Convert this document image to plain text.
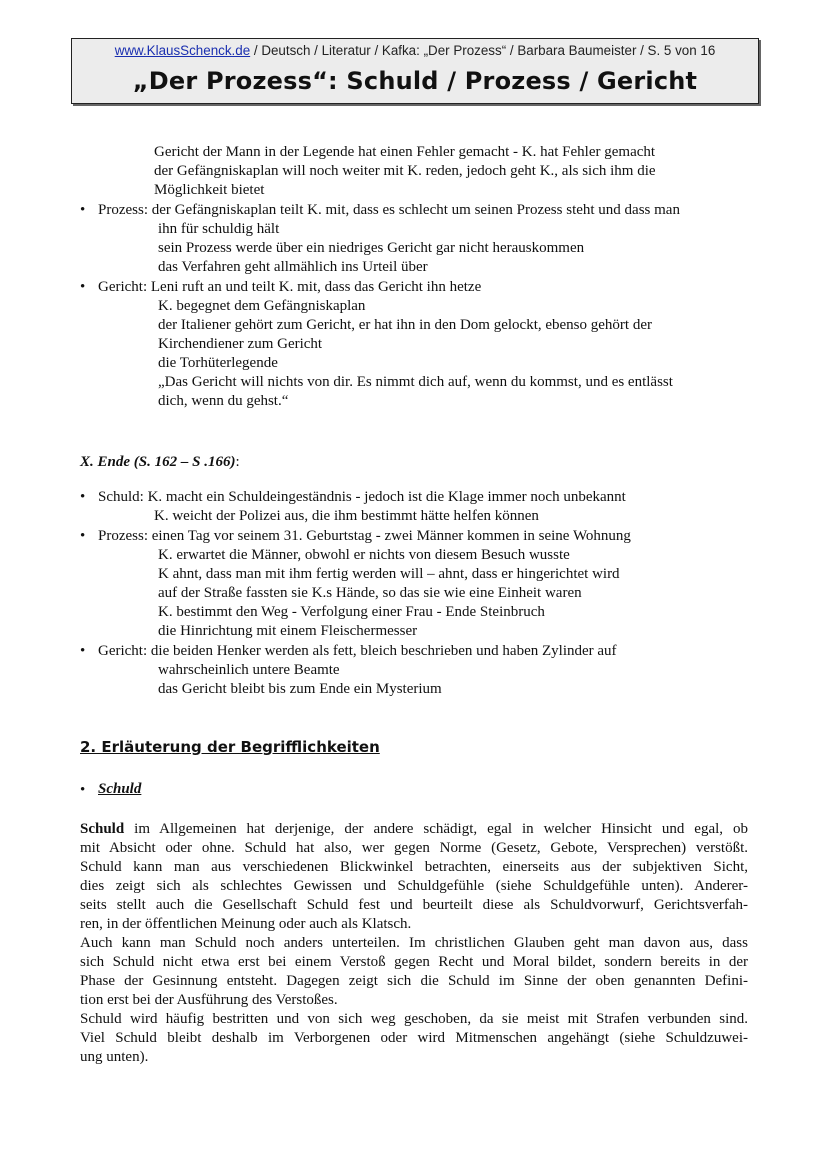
www.KlausSchenck.de / Deutsch / Literatur / Kafka: „Der Prozess“ / Barbara Baumeister / S. 5 von 16
„Der Prozess“: Schuld / Prozess / Gericht
Gericht der Mann in der Legende hat einen Fehler gemacht - K. hat Fehler gemacht
der Gefängniskaplan will noch weiter mit K. reden, jedoch geht K., als sich ihm die
Möglichkeit bietet
• Prozess: der Gefängniskaplan teilt K. mit, dass es schlecht um seinen Prozess steht und dass man
ihn für schuldig hält
sein Prozess werde über ein niedriges Gericht gar nicht herauskommen
das Verfahren geht allmählich ins Urteil über
• Gericht: Leni ruft an und teilt K. mit, dass das Gericht ihn hetze
K. begegnet dem Gefängniskaplan
der Italiener gehört zum Gericht, er hat ihn in den Dom gelockt, ebenso gehört der
Kirchendiener zum Gericht
die Torhüterlegende
„Das Gericht will nichts von dir. Es nimmt dich auf, wenn du kommst, und es entlässt
dich, wenn du gehst.“
X. Ende (S. 162 – S .166):
• Schuld: K. macht ein Schuldeingeständnis - jedoch ist die Klage immer noch unbekannt
K. weicht der Polizei aus, die ihm bestimmt hätte helfen können
• Prozess: einen Tag vor seinem 31. Geburtstag - zwei Männer kommen in seine Wohnung
K. erwartet die Männer, obwohl er nichts von diesem Besuch wusste
K ahnt, dass man mit ihm fertig werden will – ahnt, dass er hingerichtet wird
auf der Straße fassten sie K.s Hände, so das sie wie eine Einheit waren
K. bestimmt den Weg - Verfolgung einer Frau - Ende Steinbruch
die Hinrichtung mit einem Fleischermesser
• Gericht: die beiden Henker werden als fett, bleich beschrieben und haben Zylinder auf
wahrscheinlich untere Beamte
das Gericht bleibt bis zum Ende ein Mysterium
2. Erläuterung der Begrifflichkeiten
• Schuld
Schuld im Allgemeinen hat derjenige, der andere schädigt, egal in welcher Hinsicht und egal, ob
mit Absicht oder ohne. Schuld hat also, wer gegen Norme (Gesetz, Gebote, Versprechen) verstößt.
Schuld kann man aus verschiedenen Blickwinkel betrachten, einerseits aus der subjektiven Sicht,
dies zeigt sich als schlechtes Gewissen und Schuldgefühle (siehe Schuldgefühle unten). Anderer-
seits stellt auch die Gesellschaft Schuld fest und beurteilt diese als Schuldvorwurf, Gerichtsverfah-
ren, in der öffentlichen Meinung oder auch als Klatsch.
Auch kann man Schuld noch anders unterteilen. Im christlichen Glauben geht man davon aus, dass
sich Schuld nicht etwa erst bei einem Verstoß gegen Recht und Moral bildet, sondern bereits in der
Phase der Gesinnung entsteht. Dagegen zeigt sich die Schuld im Sinne der oben genannten Defini-
tion erst bei der Ausführung des Verstoßes.
Schuld wird häufig bestritten und von sich weg geschoben, da sie meist mit Strafen verbunden sind.
Viel Schuld bleibt deshalb im Verborgenen oder wird Mitmenschen angehängt (siehe Schuldzuwei-
ung unten).
